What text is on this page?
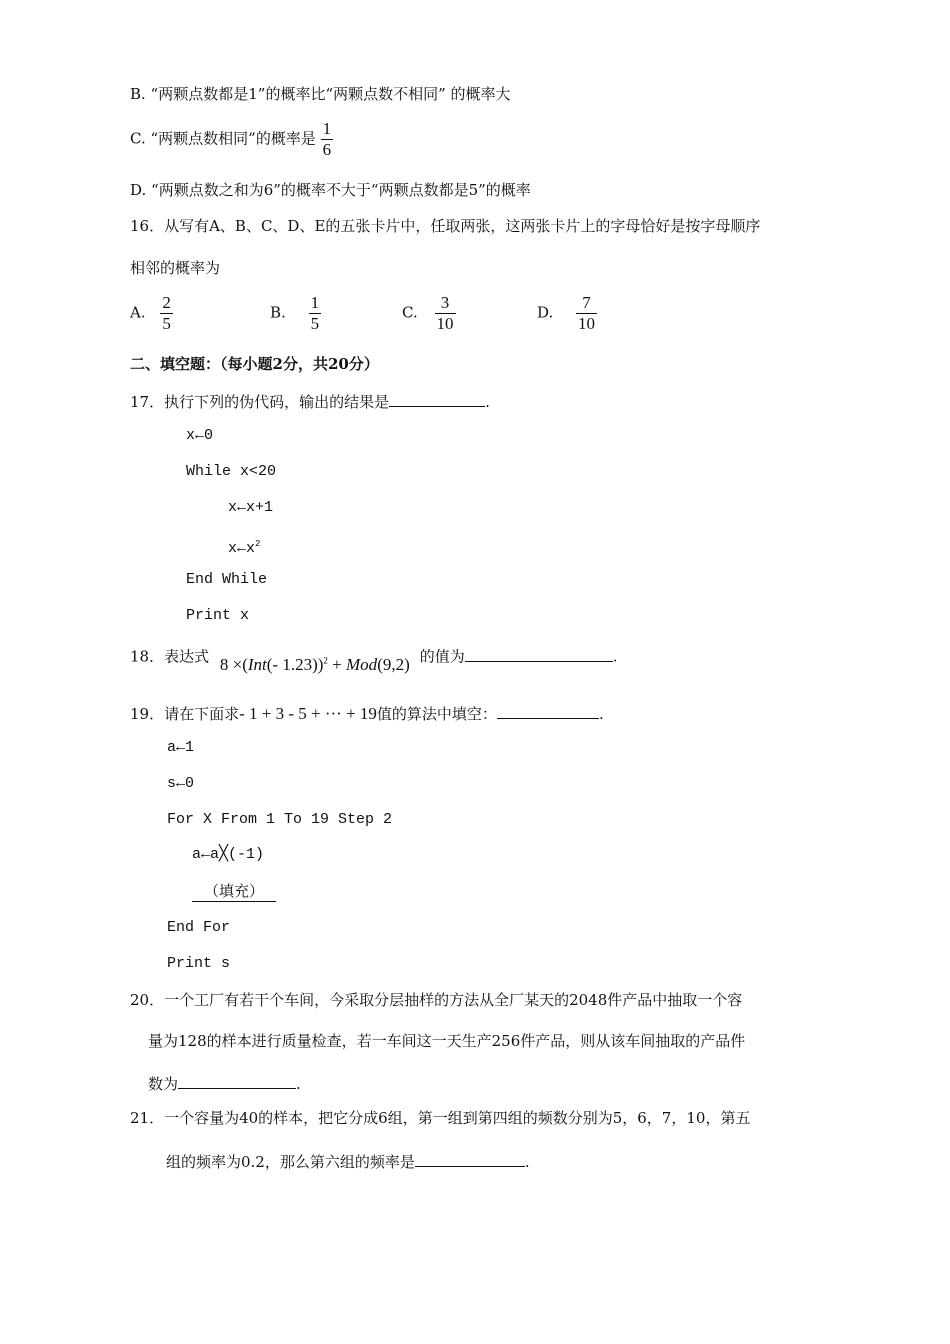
B. “两颗点数都是1”的概率比“两颗点数不相同” 的概率大
C. “两颗点数相同”的概率是 $\frac{1}{6}$
D. “两颗点数之和为6”的概率不大于“两颗点数都是5”的概率
16．从写有A、B、C、D、E的五张卡片中，任取两张，这两张卡片上的字母恰好是按字母顺序
相邻的概率为
A. $\frac{2}{5}$	B. $\frac{1}{5}$	C. $\frac{3}{10}$	D. $\frac{7}{10}$
二、填空题：（每小题2分，共20分）
17．执行下列的伪代码，输出的结果是	.
x←0
While x<20
x←x+1
$x\leftarrow x^2$
End While
Print x
18．表达式 8 ×(Int(- 1.23))$^2$ + Mod(9,2) 的值为	.
19．请在下面求- 1 + 3 - 5 + ··· + 19值的算法中填空：	.
a←1
s←0
For X From 1 To 19 Step 2
a←a╳(-1)
（填充）
End For
Print s
20．一个工厂有若干个车间，今采取分层抽样的方法从全厂某天的2048件产品中抽取一个容
量为128的样本进行质量检查，若一车间这一天生产256件产品，则从该车间抽取的产品件
数为	.
21．一个容量为40的样本，把它分成6组，第一组到第四组的频数分别为5，6，7，10，第五
组的频率为0.2，那么第六组的频率是	.
